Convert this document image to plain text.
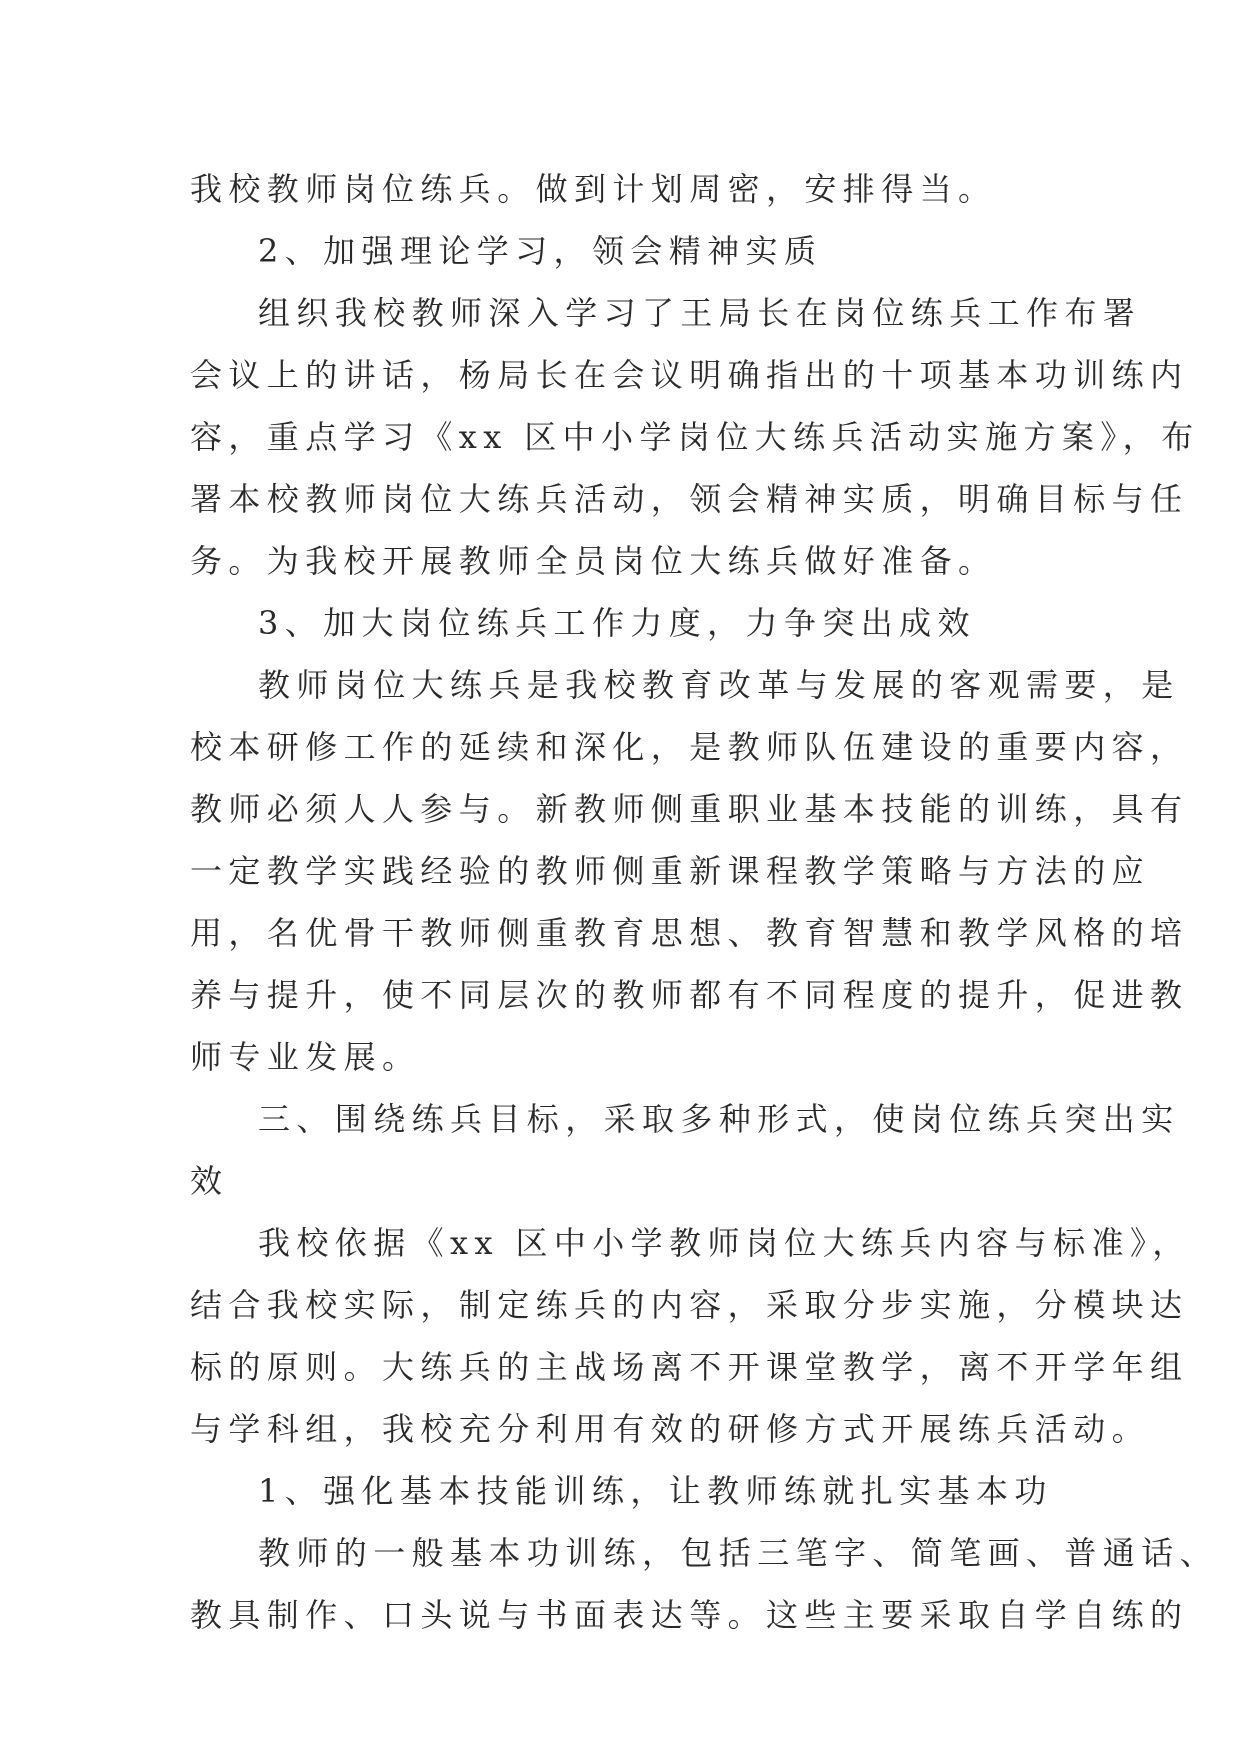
我校教师岗位练兵。做到计划周密，安排得当。
2、加强理论学习，领会精神实质
组织我校教师深入学习了王局长在岗位练兵工作布署
会议上的讲话，杨局长在会议明确指出的十项基本功训练内
容，重点学习《xx 区中小学岗位大练兵活动实施方案》，布
署本校教师岗位大练兵活动，领会精神实质，明确目标与任
务。为我校开展教师全员岗位大练兵做好准备。
3、加大岗位练兵工作力度，力争突出成效
教师岗位大练兵是我校教育改革与发展的客观需要，是
校本研修工作的延续和深化，是教师队伍建设的重要内容，
教师必须人人参与。新教师侧重职业基本技能的训练，具有
一定教学实践经验的教师侧重新课程教学策略与方法的应
用，名优骨干教师侧重教育思想、教育智慧和教学风格的培
养与提升，使不同层次的教师都有不同程度的提升，促进教
师专业发展。
三、围绕练兵目标，采取多种形式，使岗位练兵突出实
效
我校依据《xx 区中小学教师岗位大练兵内容与标准》，
结合我校实际，制定练兵的内容，采取分步实施，分模块达
标的原则。大练兵的主战场离不开课堂教学，离不开学年组
与学科组，我校充分利用有效的研修方式开展练兵活动。
1、强化基本技能训练，让教师练就扎实基本功
教师的一般基本功训练，包括三笔字、简笔画、普通话、
教具制作、口头说与书面表达等。这些主要采取自学自练的
